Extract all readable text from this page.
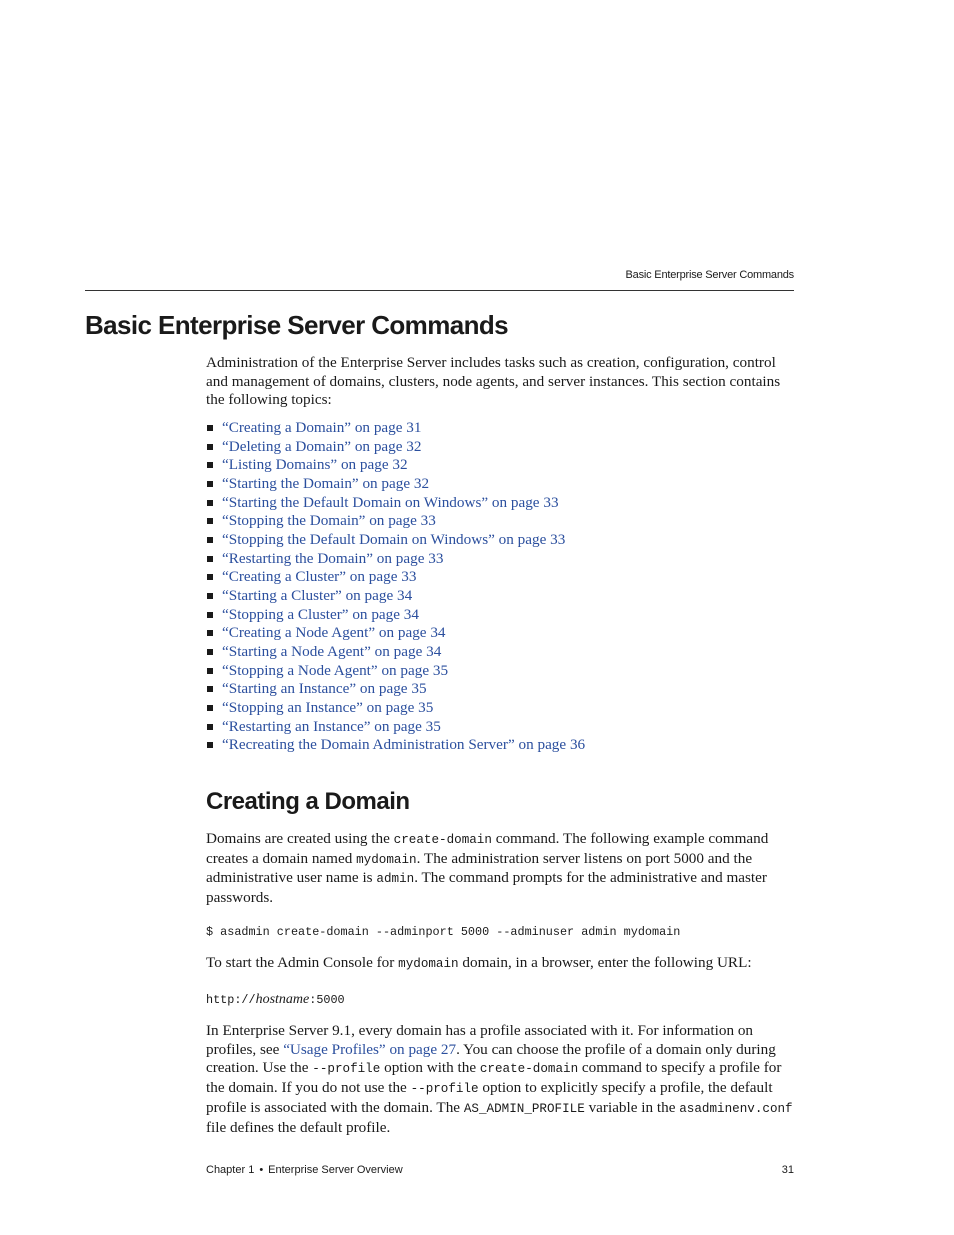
Basic Enterprise Server Commands
Basic Enterprise Server Commands

Administration of the Enterprise Server includes tasks such as creation, configuration, control and management of domains, clusters, node agents, and server instances. This section contains the following topics:

“Creating a Domain” on page 31
“Deleting a Domain” on page 32
“Listing Domains” on page 32
“Starting the Domain” on page 32
“Starting the Default Domain on Windows” on page 33
“Stopping the Domain” on page 33
“Stopping the Default Domain on Windows” on page 33
“Restarting the Domain” on page 33
“Creating a Cluster” on page 33
“Starting a Cluster” on page 34
“Stopping a Cluster” on page 34
“Creating a Node Agent” on page 34
“Starting a Node Agent” on page 34
“Stopping a Node Agent” on page 35
“Starting an Instance” on page 35
“Stopping an Instance” on page 35
“Restarting an Instance” on page 35
“Recreating the Domain Administration Server” on page 36
Creating a Domain

Domains are created using the create-domain command. The following example command creates a domain named mydomain. The administration server listens on port 5000 and the administrative user name is admin. The command prompts for the administrative and master passwords.

$ asadmin create-domain --adminport 5000 --adminuser admin mydomain

To start the Admin Console for mydomain domain, in a browser, enter the following URL:

http://hostname:5000

In Enterprise Server 9.1, every domain has a profile associated with it. For information on profiles, see “Usage Profiles” on page 27. You can choose the profile of a domain only during creation. Use the --profile option with the create-domain command to specify a profile for the domain. If you do not use the --profile option to explicitly specify a profile, the default profile is associated with the domain. The AS_ADMIN_PROFILE variable in the asadminenv.conf file defines the default profile.

Chapter 1 • Enterprise Server Overview	31
